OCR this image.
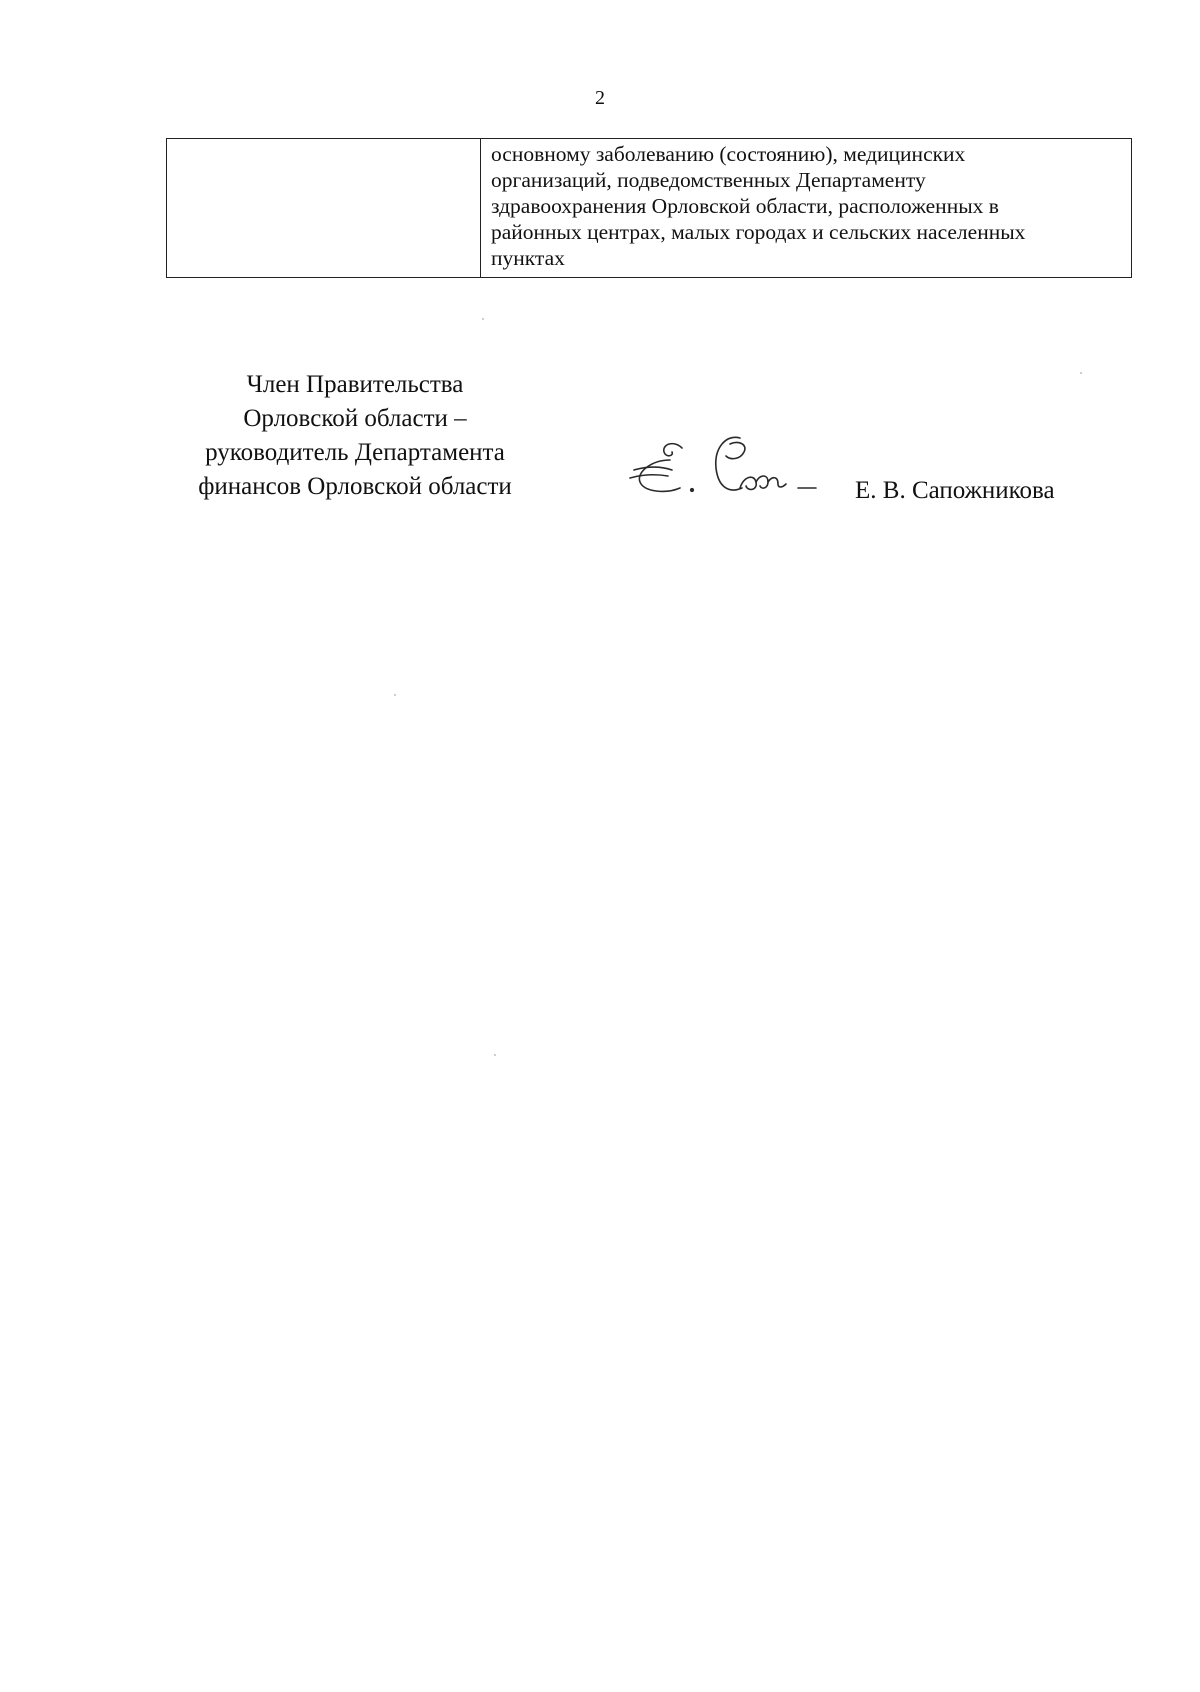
2

основному заболеванию (состоянию), медицинских
организаций, подведомственных Департаменту
здравоохранения Орловской области, расположенных в
районных центрах, малых городах и сельских населенных
пунктах
Член Правительства
Орловской области –
руководитель Департамента
финансов Орловской области	Е. В. Сапожникова
